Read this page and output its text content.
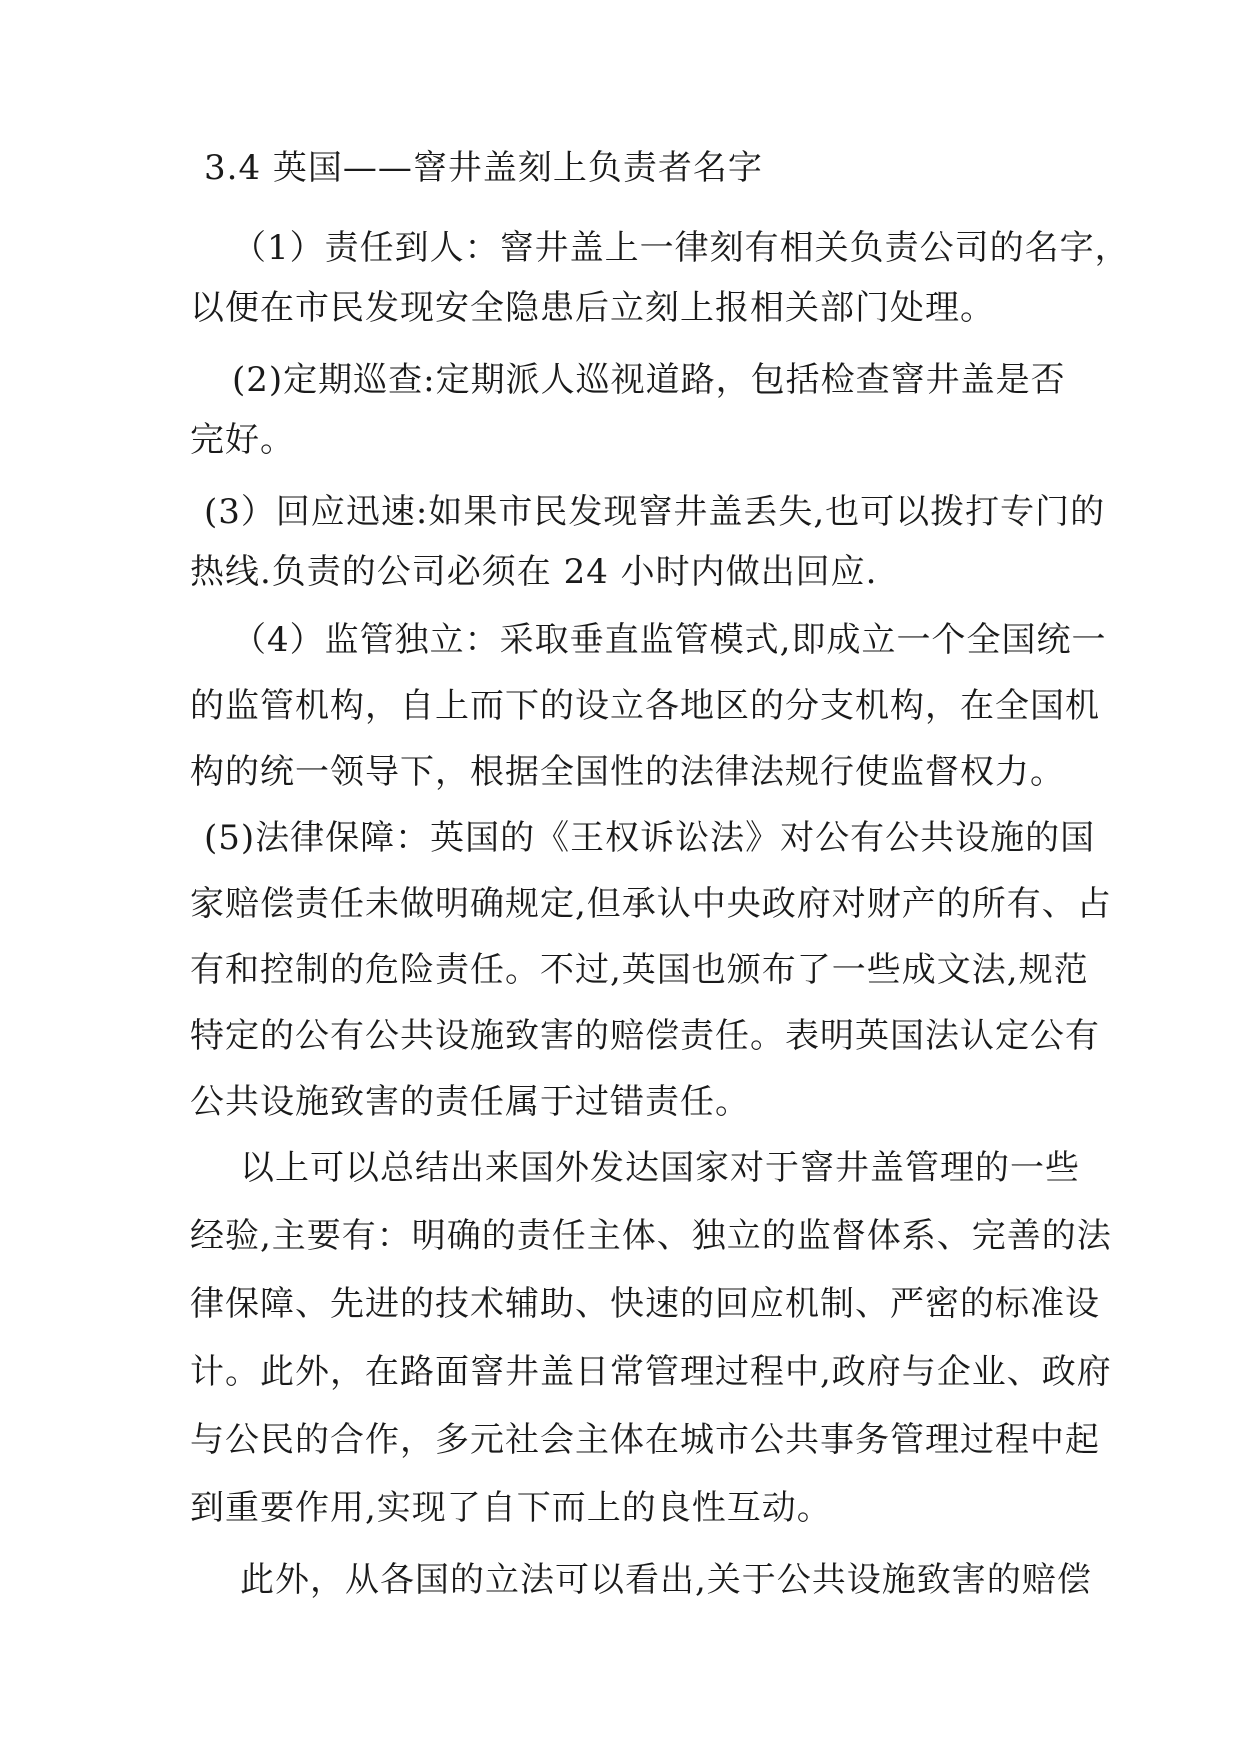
3.4 英国——窨井盖刻上负责者名字
（1）责任到人：窨井盖上一律刻有相关负责公司的名字，
以便在市民发现安全隐患后立刻上报相关部门处理。
(2)定期巡查:定期派人巡视道路，包括检查窨井盖是否
完好。
(3）回应迅速:如果市民发现窨井盖丢失,也可以拨打专门的
热线.负责的公司必须在 24 小时内做出回应.
（4）监管独立：采取垂直监管模式,即成立一个全国统一
的监管机构，自上而下的设立各地区的分支机构，在全国机
构的统一领导下，根据全国性的法律法规行使监督权力。
(5)法律保障：英国的《王权诉讼法》对公有公共设施的国
家赔偿责任未做明确规定,但承认中央政府对财产的所有、占
有和控制的危险责任。不过,英国也颁布了一些成文法,规范
特定的公有公共设施致害的赔偿责任。表明英国法认定公有
公共设施致害的责任属于过错责任。
以上可以总结出来国外发达国家对于窨井盖管理的一些
经验,主要有：明确的责任主体、独立的监督体系、完善的法
律保障、先进的技术辅助、快速的回应机制、严密的标准设
计。此外，在路面窨井盖日常管理过程中,政府与企业、政府
与公民的合作，多元社会主体在城市公共事务管理过程中起
到重要作用,实现了自下而上的良性互动。
此外，从各国的立法可以看出,关于公共设施致害的赔偿
